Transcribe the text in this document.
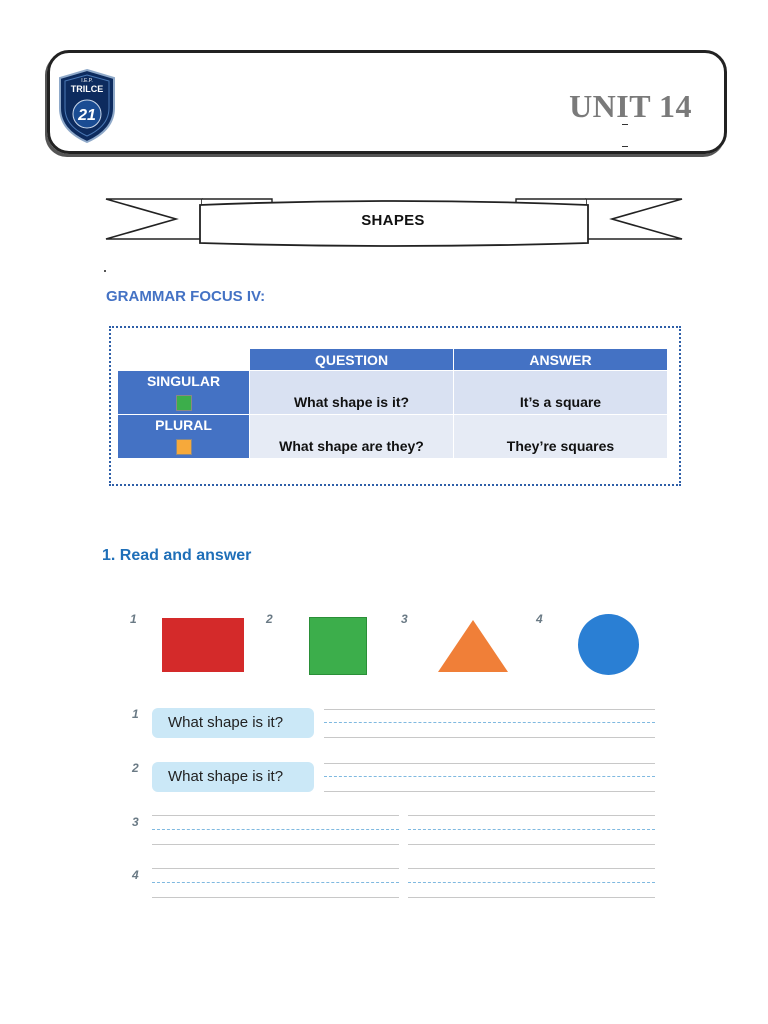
I.E.P.
TRILCE
21	UNIT 14
SHAPES
GRAMMAR FOCUS IV:
	QUESTION	ANSWER

SINGULAR	What shape is it?	It’s a square

PLURAL	What shape are they?	They’re squares
1. Read and answer
1	2	3	4
1	What shape is it?
2	What shape is it?
3
4
